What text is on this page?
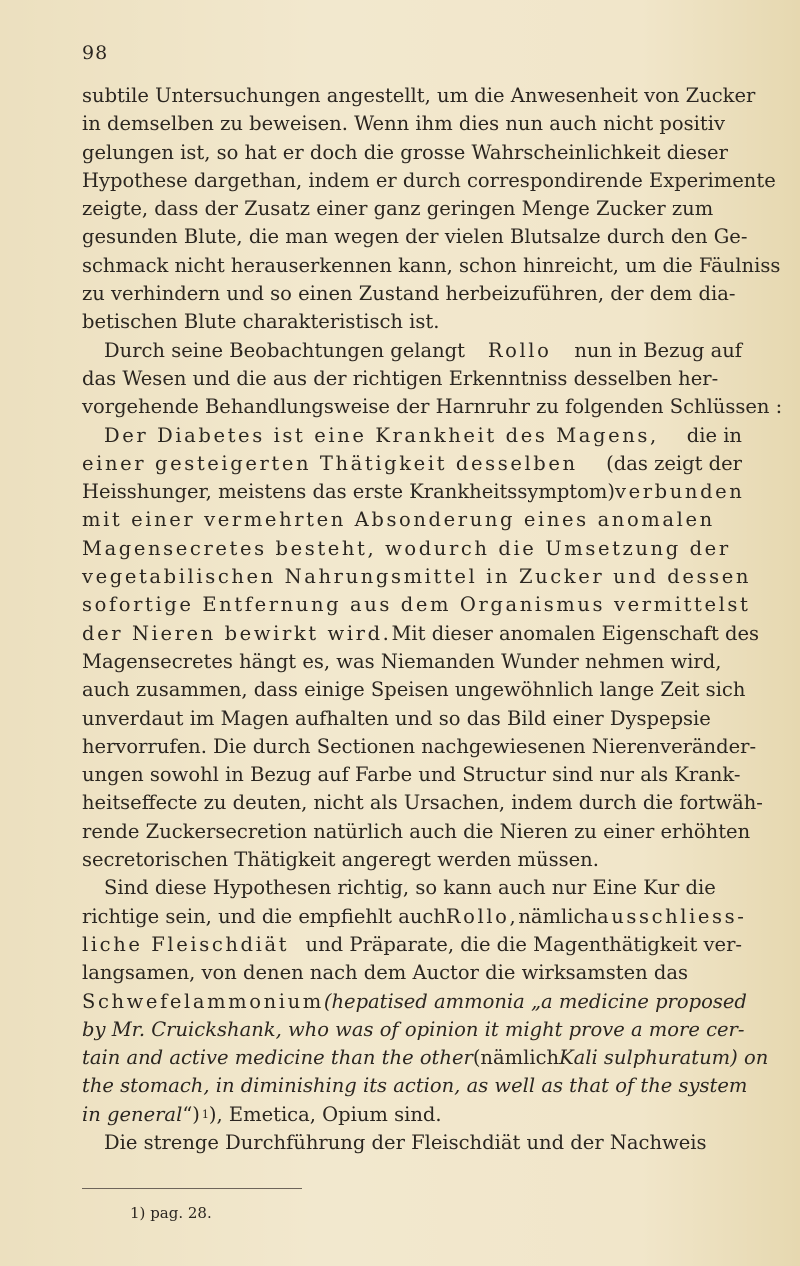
98
subtile Untersuchungen angestellt, um die Anwesenheit von Zucker
in demselben zu beweisen. Wenn ihm dies nun auch nicht positiv
gelungen ist, so hat er doch die grosse Wahrscheinlichkeit dieser
Hypothese dargethan, indem er durch correspondirende Experimente
zeigte, dass der Zusatz einer ganz geringen Menge Zucker zum
gesunden Blute, die man wegen der vielen Blutsalze durch den Ge-
schmack nicht herauserkennen kann, schon hinreicht, um die Fäulniss
zu verhindern und so einen Zustand herbeizuführen, der dem dia-
betischen Blute charakteristisch ist.
Durch seine Beobachtungen gelangt Rollo nun in Bezug auf
das Wesen und die aus der richtigen Erkenntniss desselben her-
vorgehende Behandlungsweise der Harnruhr zu folgenden Schlüssen :
Der Diabetes ist eine Krankheit des Magens, die in
einer gesteigerten Thätigkeit desselben (das zeigt der
Heisshunger, meistens das erste Krankheitssymptom) verbunden
mit einer vermehrten Absonderung eines anomalen
Magensecretes besteht, wodurch die Umsetzung der
vegetabilischen Nahrungsmittel in Zucker und dessen
sofortige Entfernung aus dem Organismus vermittelst
der Nieren bewirkt wird. Mit dieser anomalen Eigenschaft des
Magensecretes hängt es, was Niemanden Wunder nehmen wird,
auch zusammen, dass einige Speisen ungewöhnlich lange Zeit sich
unverdaut im Magen aufhalten und so das Bild einer Dyspepsie
hervorrufen. Die durch Sectionen nachgewiesenen Nierenveränder-
ungen sowohl in Bezug auf Farbe und Structur sind nur als Krank-
heitseffecte zu deuten, nicht als Ursachen, indem durch die fortwäh-
rende Zuckersecretion natürlich auch die Nieren zu einer erhöhten
secretorischen Thätigkeit angeregt werden müssen.
Sind diese Hypothesen richtig, so kann auch nur Eine Kur die
richtige sein, und die empfiehlt auch Rollo, nämlich ausschliess-
liche Fleischdiät und Präparate, die die Magenthätigkeit ver-
langsamen, von denen nach dem Auctor die wirksamsten das
Schwefelammonium (hepatised ammonia „a medicine proposed
by Mr. Cruickshank, who was of opinion it might prove a more cer-
tain and active medicine than the other (nämlich Kali sulphuratum ) on
the stomach, in diminishing its action, as well as that of the system
in general “)
  1 ), Emetica, Opium sind.
Die strenge Durchführung der Fleischdiät und der Nachweis
1) pag. 28.
